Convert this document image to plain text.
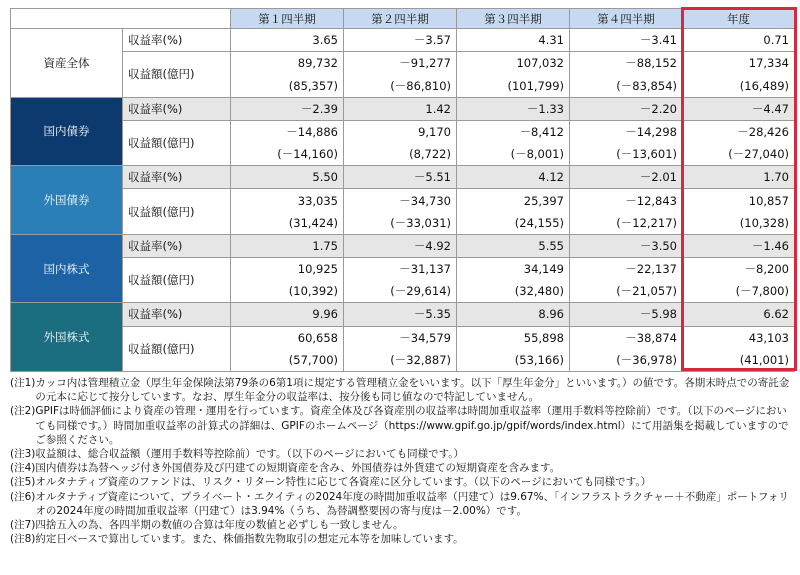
		第１四半期	第２四半期	第３四半期	第４四半期	年度
資産全体	収益率(%)	3.65	－3.57	4.31	－3.41	0.71
	収益額(億円)	89,732	－91,277	107,032	－88,152	17,334
		(85,357)	(－86,810)	(101,799)	(－83,854)	(16,489)
国内債券	収益率(%)	－2.39	1.42	－1.33	－2.20	－4.47
	収益額(億円)	－14,886	9,170	－8,412	－14,298	－28,426
		(－14,160)	(8,722)	(－8,001)	(－13,601)	(－27,040)
外国債券	収益率(%)	5.50	－5.51	4.12	－2.01	1.70
	収益額(億円)	33,035	－34,730	25,397	－12,843	10,857
		(31,424)	(－33,031)	(24,155)	(－12,217)	(10,328)
国内株式	収益率(%)	1.75	－4.92	5.55	－3.50	－1.46
	収益額(億円)	10,925	－31,137	34,149	－22,137	－8,200
		(10,392)	(－29,614)	(32,480)	(－21,057)	(－7,800)
外国株式	収益率(%)	9.96	－5.35	8.96	－5.98	6.62
	収益額(億円)	60,658	－34,579	55,898	－38,874	43,103
		(57,700)	(－32,887)	(53,166)	(－36,978)	(41,001)
(注1) カッコ内は管理積立金（厚生年金保険法第79条の6第1項に規定する管理積立金をいいます。以下「厚生年金分」といいます。）の値です。各期末時点での寄託金の元本に応じて按分しています。なお、厚生年金分の収益率は、按分後も同じ値なので特記していません。
(注2) GPIFは時価評価により資産の管理・運用を行っています。資産全体及び各資産別の収益率は時間加重収益率（運用手数料等控除前）です。（以下のページにおいても同様です。）時間加重収益率の計算式の詳細は、GPIFのホームページ（https://www.gpif.go.jp/gpif/words/index.html）にて用語集を掲載していますのでご参照ください。
(注3) 収益額は、総合収益額（運用手数料等控除前）です。（以下のページにおいても同様です。）
(注4) 国内債券は為替ヘッジ付き外国債券及び円建ての短期資産を含み、外国債券は外貨建ての短期資産を含みます。
(注5) オルタナティブ資産のファンドは、リスク・リターン特性に応じて各資産に区分しています。（以下のページにおいても同様です。）
(注6) オルタナティブ資産について、プライベート・エクイティの2024年度の時間加重収益率（円建て）は9.67%、「インフラストラクチャー＋不動産」ポートフォリオの2024年度の時間加重収益率（円建て）は3.94%（うち、為替調整要因の寄与度は－2.00%）です。
(注7) 四捨五入の為、各四半期の数値の合算は年度の数値と必ずしも一致しません。
(注8) 約定日ベースで算出しています。また、株価指数先物取引の想定元本等を加味しています。
